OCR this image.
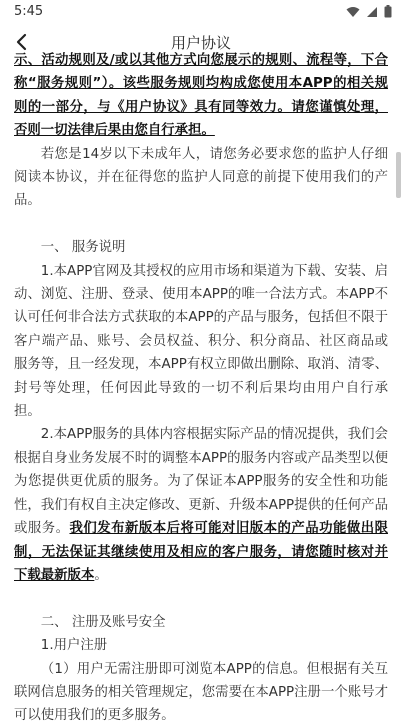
5:45
用户协议

示、活动规则及/或以其他方式向您展示的规则、流程等，下合称“服务规则”）。该些服务规则均构成您使用本APP的相关规则的一部分，与《用户协议》具有同等效力。请您谨慎处理，否则一切法律后果由您自行承担。

若您是14岁以下未成年人，请您务必要求您的监护人仔细阅读本协议，并在征得您的监护人同意的前提下使用我们的产品。

一、 服务说明

1.本APP官网及其授权的应用市场和渠道为下载、安装、启动、浏览、注册、登录、使用本APP的唯一合法方式。本APP不认可任何非合法方式获取的本APP的产品与服务，包括但不限于客户端产品、账号、会员权益、积分、积分商品、社区商品或服务等，且一经发现，本APP有权立即做出删除、取消、清零、封号等处理，任何因此导致的一切不利后果均由用户自行承担。

2.本APP服务的具体内容根据实际产品的情况提供，我们会根据自身业务发展不时的调整本APP的服务内容或产品类型以便为您提供更优质的服务。为了保证本APP服务的安全性和功能性，我们有权自主决定修改、更新、升级本APP提供的任何产品或服务。我们发布新版本后将可能对旧版本的产品功能做出限制，无法保证其继续使用及相应的客户服务，请您随时核对并下载最新版本。

二、 注册及账号安全

1.用户注册

（1）用户无需注册即可浏览本APP的信息。但根据有关互联网信息服务的相关管理规定，您需要在本APP注册一个账号才可以使用我们的更多服务。
